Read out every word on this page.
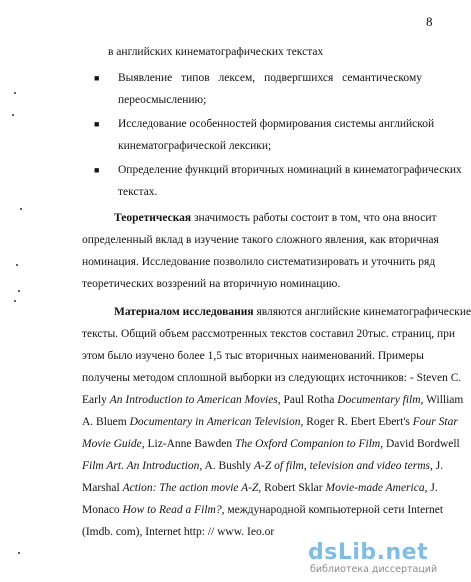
8
в английских кинематографических текстах
■	Выявление типов лексем, подвергшихся семантическому
переосмыслению;
■	Исследование особенностей формирования системы английской
кинематографической лексики;
■	Определение функций вторичных номинаций в кинематографических
текстах.
Теоретическая значимость работы состоит в том, что она вносит
определенный вклад в изучение такого сложного явления, как вторичная
номинация. Исследование позволило систематизировать и уточнить ряд
теоретических воззрений на вторичную номинацию.
Материалом исследования являются английские кинематографические
тексты. Общий объем рассмотренных текстов составил 20тыс. страниц, при
этом было изучено более 1,5 тыс вторичных наименований. Примеры
получены методом сплошной выборки из следующих источников: - Steven C.
Early An Introduction to American Movies, Paul Rotha Documentary film, William
A. Bluem Documentary in American Television, Roger R. Ebert Ebert's Four Star
Movie Guide, Liz-Anne Bawden The Oxford Companion to Film, David Bordwell
Film Art. An Introduction, A. Bushly A-Z of film, television and video terms, J.
Marshal Action: The action movie A-Z, Robert Sklar Movie-made America, J.
Monaco How to Read a Film?, международной компьютерной сети Internet
(Imdb. com), Internet http: // www. Ieo.or
dsLib.net
библиотека диссертаций
